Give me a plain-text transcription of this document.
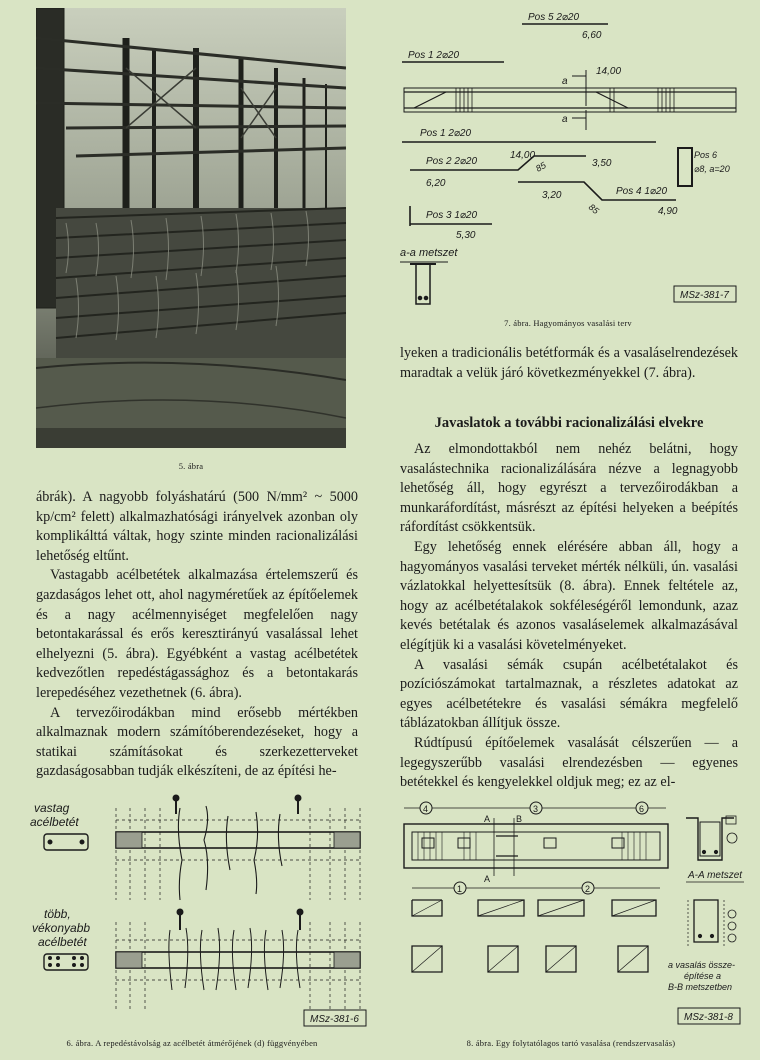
5. ábra

ábrák). A nagyobb folyáshatárú (500 N/mm² ~ 5000 kp/cm² felett) alkalmazhatósági irányelvek azonban oly komplikálttá váltak, hogy szinte minden racionalizálási lehetőség eltűnt.

Vastagabb acélbetétek alkalmazása értelemszerű és gazdaságos lehet ott, ahol nagyméretűek az építőelemek és a nagy acélmennyiséget megfelelően nagy betontakarással és erős keresztirányú vasalással lehet elhelyezni (5. ábra). Egyébként a vastag acélbetétek kedvezőtlen repedéstágassághoz és a betontakarás lerepedéséhez vezethetnek (6. ábra).

A tervezőirodákban mind erősebb mértékben alkalmaznak modern számítóberendezéseket, hogy a statikai számításokat és szerkezetterveket gazdaságosabban tudják elkészíteni, de az építési he-

Pos 5 2⌀20
6,60
Pos 1 2⌀20
14,00
a
a
Pos 1 2⌀20
14,00
Pos 2 2⌀20	85	3,50
6,20
3,20
85
Pos 4 1⌀20
4,90
Pos 6
⌀8, a=20
Pos 3 1⌀20
5,30
a-a metszet
MSz-381-7
7. ábra. Hagyományos vasalási terv

lyeken a tradicionális betétformák és a vasaláselrendezések maradtak a velük járó következményekkel (7. ábra).

Javaslatok a további racionalizálási elvekre

Az elmondottakból nem nehéz belátni, hogy vasalástechnika racionalizálására nézve a legnagyobb lehetőség áll, hogy egyrészt a tervezőirodákban a munkaráfordítást, másrészt az építési helyeken a beépítés ráfordítást csökkentsük.

Egy lehetőség ennek elérésére abban áll, hogy a hagyományos vasalási terveket mérték nélküli, ún. vasalási vázlatokkal helyettesítsük (8. ábra). Ennek feltétele az, hogy az acélbetétalakok sokféleségéről lemondunk, azaz kevés betétalak és azonos vasaláselemek alkalmazásával elégítjük ki a vasalási követelményeket.

A vasalási sémák csupán acélbetétalakot és pozíciószámokat tartalmaznak, a részletes adatokat az egyes acélbetétekre és vasalási sémákra megfelelő táblázatokban állítjuk össze.

Rúdtípusú építőelemek vasalását célszerűen — a legegyszerűbb vasalási elrendezésben — egyenes betétekkel és kengyelekkel oldjuk meg; ez az el-

vastag
acélbetét
több,
vékonyabb
acélbetét
MSz-381-6
6. ábra. A repedéstávolság az acélbetét átmérőjének (d) függvényében
4	3	6
A
A
B
A-A metszet
1	2
a vasalás össze-
építése a
B-B metszetben
MSz-381-8
8. ábra. Egy folytatólagos tartó vasalása (rendszervasalás)
